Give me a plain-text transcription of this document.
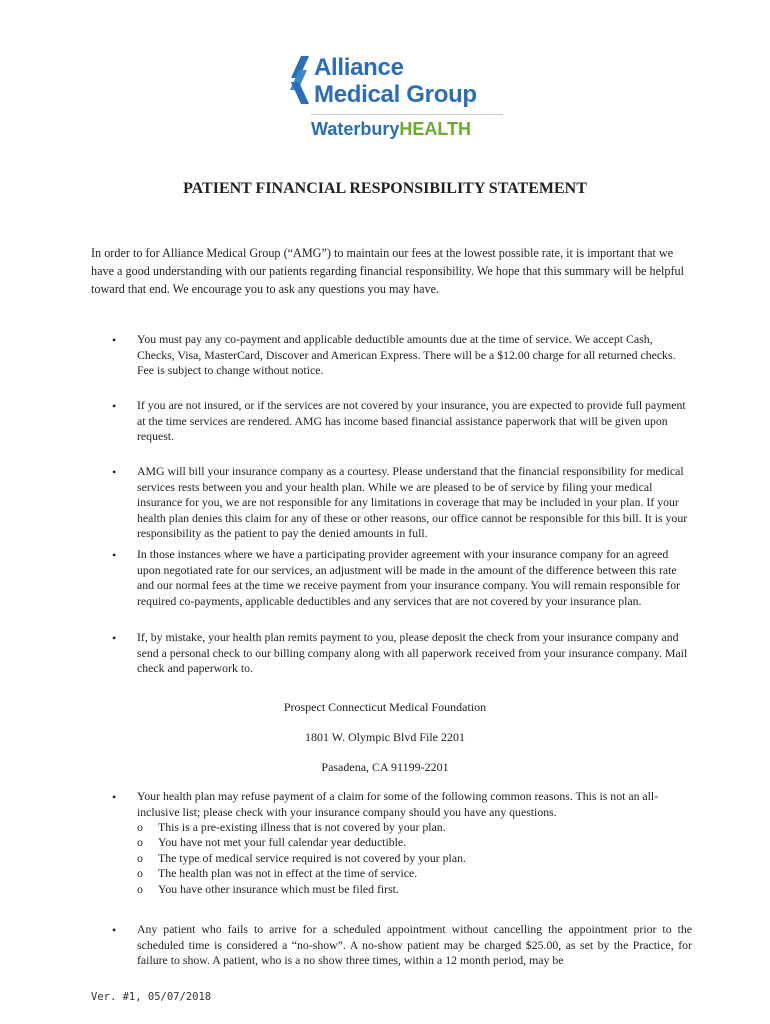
Alliance
Medical Group
WaterburyHEALTH
PATIENT FINANCIAL RESPONSIBILITY STATEMENT
In order to for Alliance Medical Group (“AMG”) to maintain our fees at the lowest possible rate, it is important that we have a good understanding with our patients regarding financial responsibility. We hope that this summary will be helpful toward that end. We encourage you to ask any questions you may have.
• You must pay any co-payment and applicable deductible amounts due at the time of service. We accept Cash, Checks, Visa, MasterCard, Discover and American Express. There will be a $12.00 charge for all returned checks. Fee is subject to change without notice.
• If you are not insured, or if the services are not covered by your insurance, you are expected to provide full payment at the time services are rendered. AMG has income based financial assistance paperwork that will be given upon request.
• AMG will bill your insurance company as a courtesy. Please understand that the financial responsibility for medical services rests between you and your health plan. While we are pleased to be of service by filing your medical insurance for you, we are not responsible for any limitations in coverage that may be included in your plan. If your health plan denies this claim for any of these or other reasons, our office cannot be responsible for this bill. It is your responsibility as the patient to pay the denied amounts in full.
• In those instances where we have a participating provider agreement with your insurance company for an agreed upon negotiated rate for our services, an adjustment will be made in the amount of the difference between this rate and our normal fees at the time we receive payment from your insurance company. You will remain responsible for required co-payments, applicable deductibles and any services that are not covered by your insurance plan.
• If, by mistake, your health plan remits payment to you, please deposit the check from your insurance company and send a personal check to our billing company along with all paperwork received from your insurance company. Mail check and paperwork to.
Prospect Connecticut Medical Foundation
1801 W. Olympic Blvd File 2201
Pasadena, CA 91199-2201
• Your health plan may refuse payment of a claim for some of the following common reasons. This is not an all-inclusive list; please check with your insurance company should you have any questions.
o This is a pre-existing illness that is not covered by your plan.
o You have not met your full calendar year deductible.
o The type of medical service required is not covered by your plan.
o The health plan was not in effect at the time of service.
o You have other insurance which must be filed first.
• Any patient who fails to arrive for a scheduled appointment without cancelling the appointment prior to the scheduled time is considered a “no-show”. A no-show patient may be charged $25.00, as set by the Practice, for failure to show. A patient, who is a no show three times, within a 12 month period, may be
Ver. #1, 05/07/2018
